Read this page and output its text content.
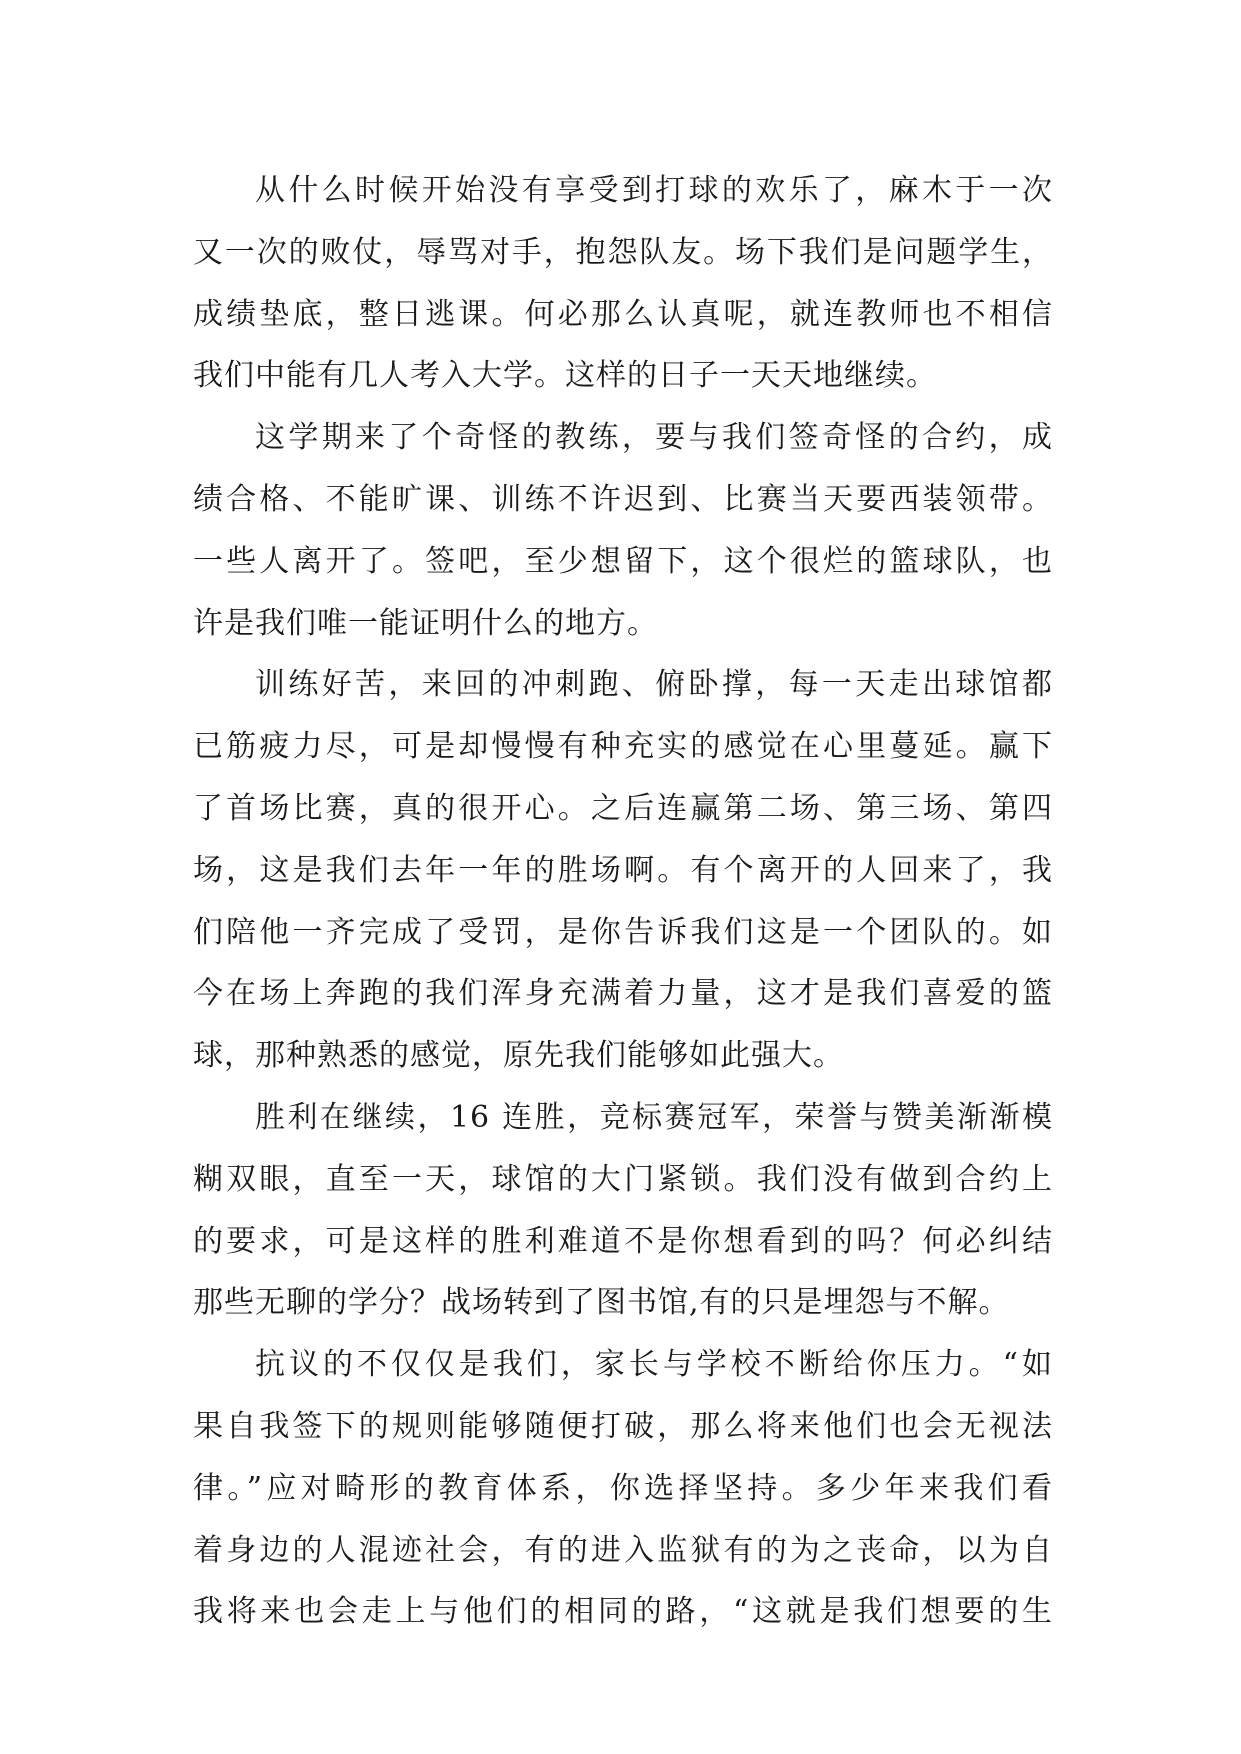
从什么时候开始没有享受到打球的欢乐了，麻木于一次
又一次的败仗，辱骂对手，抱怨队友。场下我们是问题学生，
成绩垫底，整日逃课。何必那么认真呢，就连教师也不相信
我们中能有几人考入大学。这样的日子一天天地继续。
这学期来了个奇怪的教练，要与我们签奇怪的合约，成
绩合格、不能旷课、训练不许迟到、比赛当天要西装领带。
一些人离开了。签吧，至少想留下，这个很烂的篮球队，也
许是我们唯一能证明什么的地方。
训练好苦，来回的冲刺跑、俯卧撑，每一天走出球馆都
已筋疲力尽，可是却慢慢有种充实的感觉在心里蔓延。赢下
了首场比赛，真的很开心。之后连赢第二场、第三场、第四
场，这是我们去年一年的胜场啊。有个离开的人回来了，我
们陪他一齐完成了受罚，是你告诉我们这是一个团队的。如
今在场上奔跑的我们浑身充满着力量，这才是我们喜爱的篮
球，那种熟悉的感觉，原先我们能够如此强大。
胜利在继续，16 连胜，竞标赛冠军，荣誉与赞美渐渐模
糊双眼，直至一天，球馆的大门紧锁。我们没有做到合约上
的要求，可是这样的胜利难道不是你想看到的吗？何必纠结
那些无聊的学分？战场转到了图书馆,有的只是埋怨与不解。
抗议的不仅仅是我们，家长与学校不断给你压力。“如
果自我签下的规则能够随便打破，那么将来他们也会无视法
律。”应对畸形的教育体系，你选择坚持。多少年来我们看
着身边的人混迹社会，有的进入监狱有的为之丧命，以为自
我将来也会走上与他们的相同的路，“这就是我们想要的生
